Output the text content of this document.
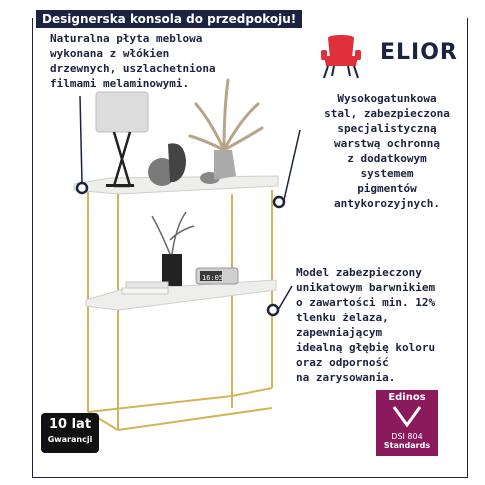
Designerska konsola do przedpokoju!
Naturalna płyta meblowa
wykonana z włókien
drzewnych, uszlachetniona
filmami melaminowymi.
Wysokogatunkowa
stal, zabezpieczona
specjalistyczną
warstwą ochronną
z dodatkowym
systemem
pigmentów
antykorozyjnych.
Model zabezpieczony
unikatowym barwnikiem
o zawartości min. 12%
tlenku żelaza,
zapewniającym
idealną głębię koloru
oraz odporność
na zarysowania.
ELIOR
16:05
10 lat
Gwarancji
Edinos
DSI 804
Standards
